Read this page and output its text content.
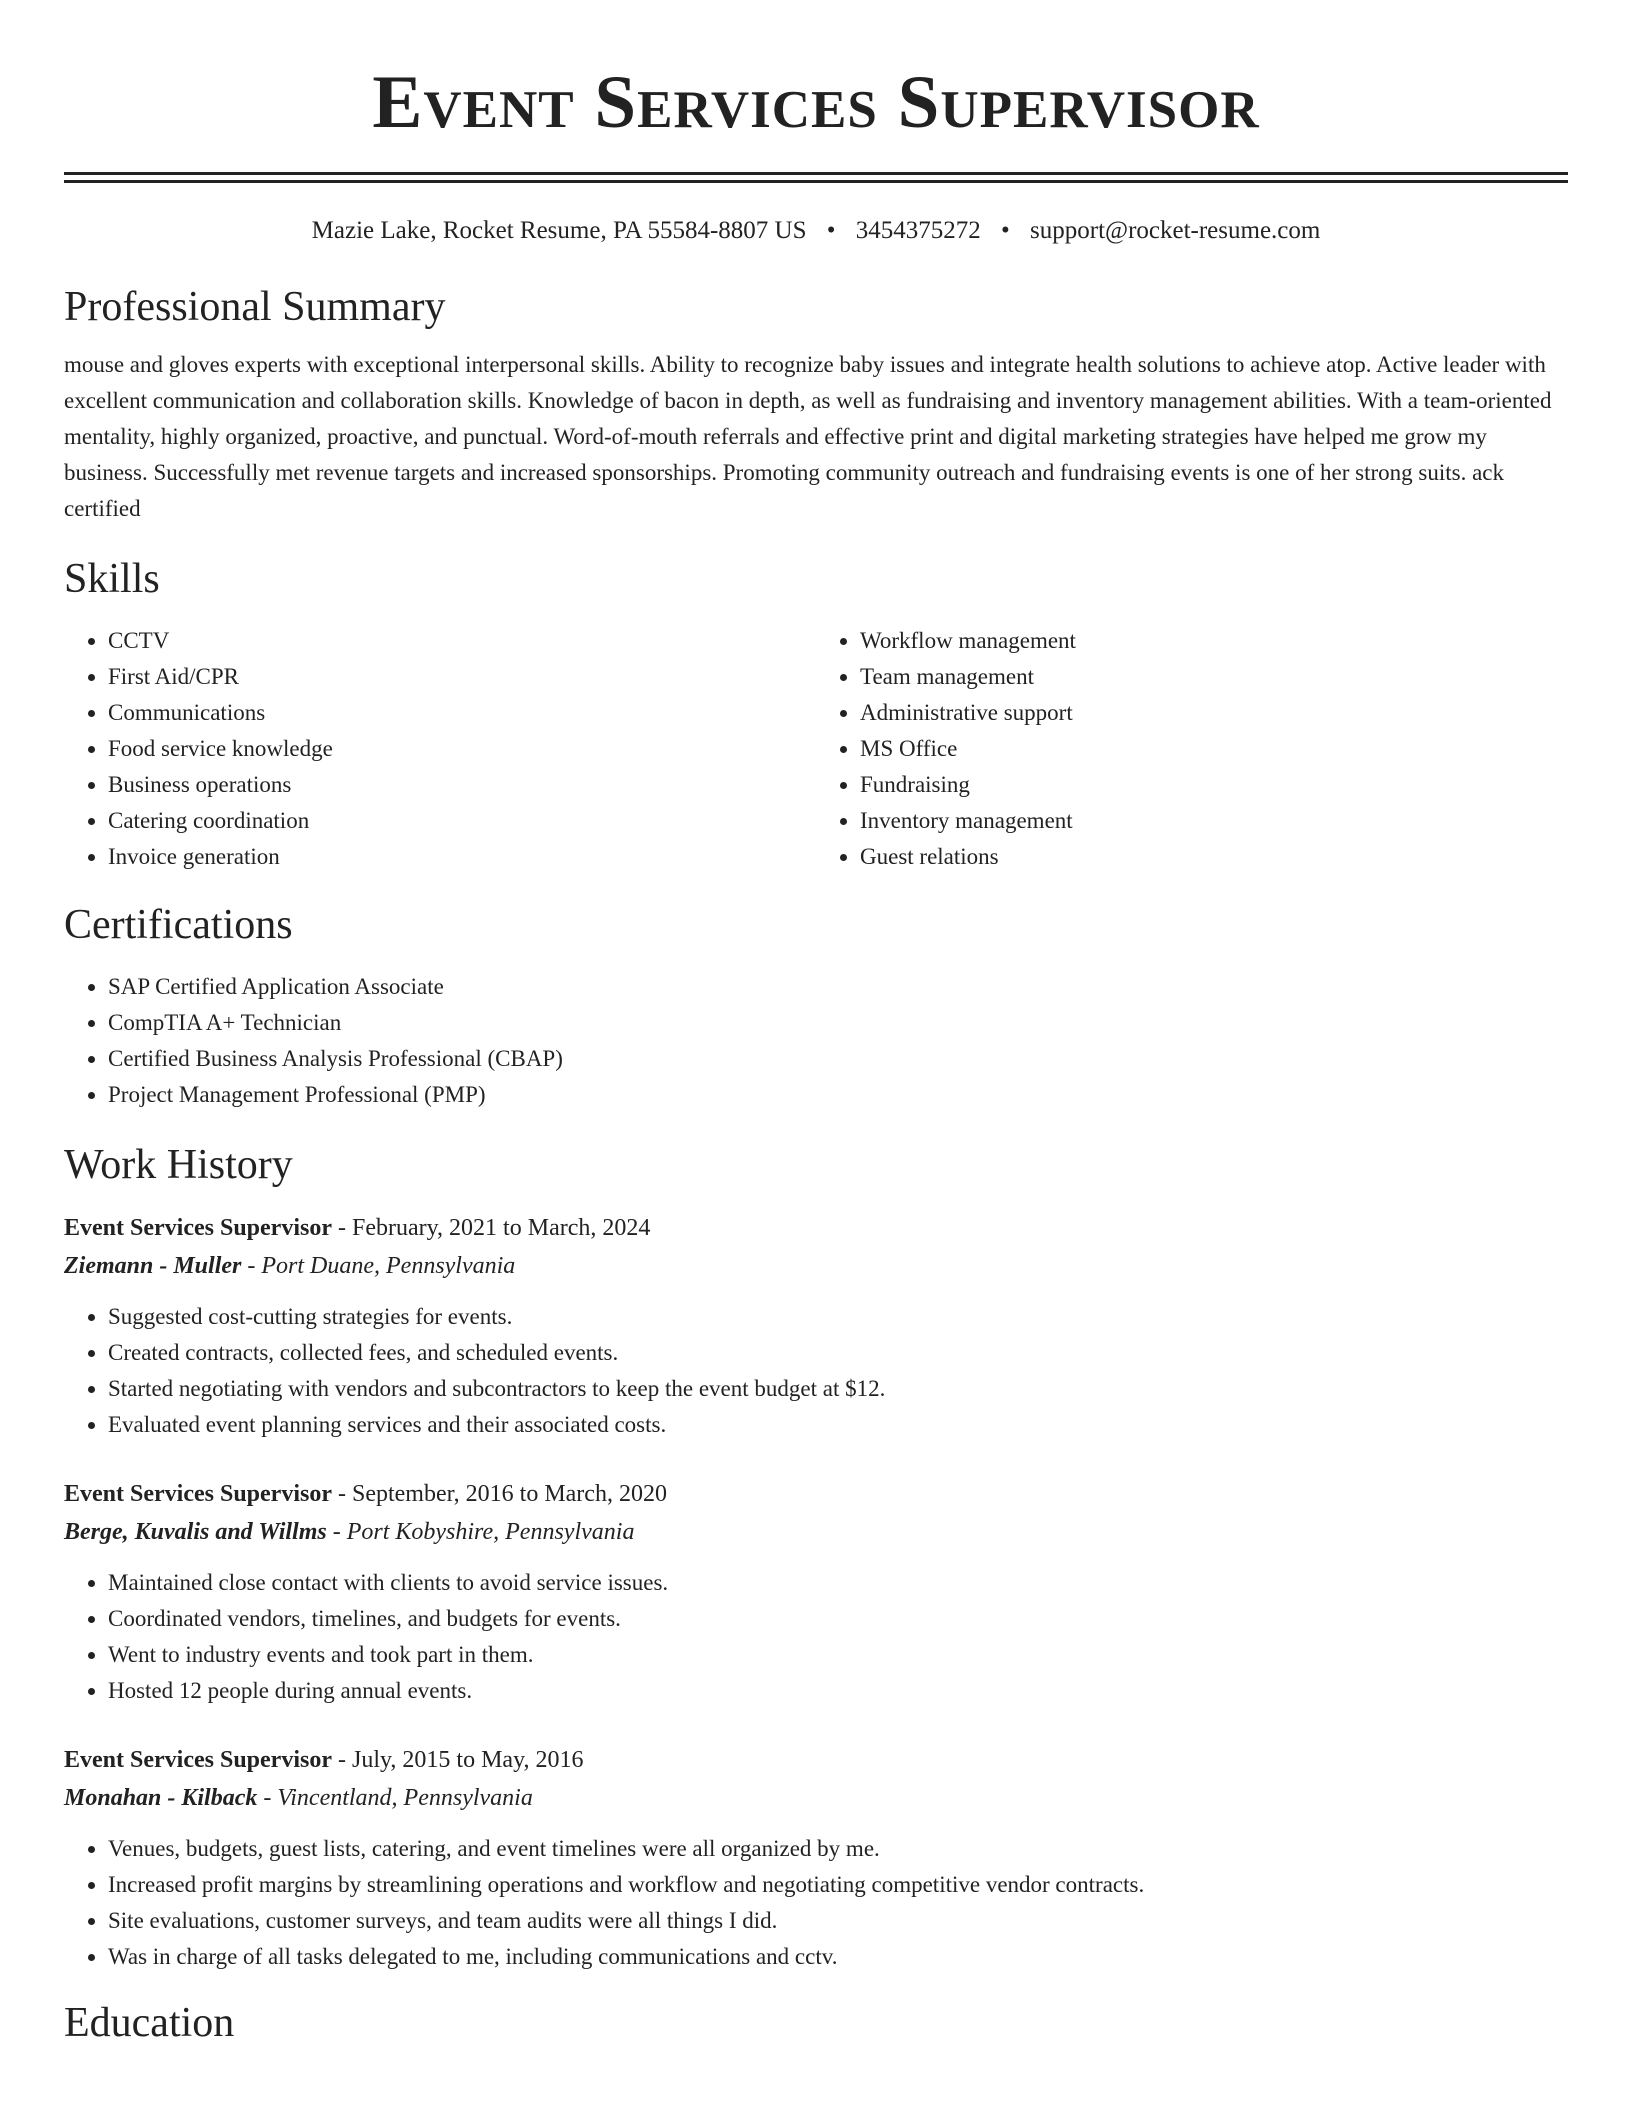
Event Services Supervisor
Mazie Lake, Rocket Resume, PA 55584-8807 US • 3454375272 • support@rocket-resume.com
Professional Summary

mouse and gloves experts with exceptional interpersonal skills. Ability to recognize baby issues and integrate health solutions to achieve atop. Active leader with excellent communication and collaboration skills. Knowledge of bacon in depth, as well as fundraising and inventory management abilities. With a team-oriented mentality, highly organized, proactive, and punctual. Word-of-mouth referrals and effective print and digital marketing strategies have helped me grow my business. Successfully met revenue targets and increased sponsorships. Promoting community outreach and fundraising events is one of her strong suits. ack certified

Skills
• CCTV
• First Aid/CPR
• Communications
• Food service knowledge
• Business operations
• Catering coordination
• Invoice generation
• Workflow management
• Team management
• Administrative support
• MS Office
• Fundraising
• Inventory management
• Guest relations
Certifications
• SAP Certified Application Associate
• CompTIA A+ Technician
• Certified Business Analysis Professional (CBAP)
• Project Management Professional (PMP)
Work History
Event Services Supervisor - February, 2021 to March, 2024
Ziemann - Muller - Port Duane, Pennsylvania
• Suggested cost-cutting strategies for events.
• Created contracts, collected fees, and scheduled events.
• Started negotiating with vendors and subcontractors to keep the event budget at $12.
• Evaluated event planning services and their associated costs.
Event Services Supervisor - September, 2016 to March, 2020
Berge, Kuvalis and Willms - Port Kobyshire, Pennsylvania
• Maintained close contact with clients to avoid service issues.
• Coordinated vendors, timelines, and budgets for events.
• Went to industry events and took part in them.
• Hosted 12 people during annual events.
Event Services Supervisor - July, 2015 to May, 2016
Monahan - Kilback - Vincentland, Pennsylvania
• Venues, budgets, guest lists, catering, and event timelines were all organized by me.
• Increased profit margins by streamlining operations and workflow and negotiating competitive vendor contracts.
• Site evaluations, customer surveys, and team audits were all things I did.
• Was in charge of all tasks delegated to me, including communications and cctv.
Education
